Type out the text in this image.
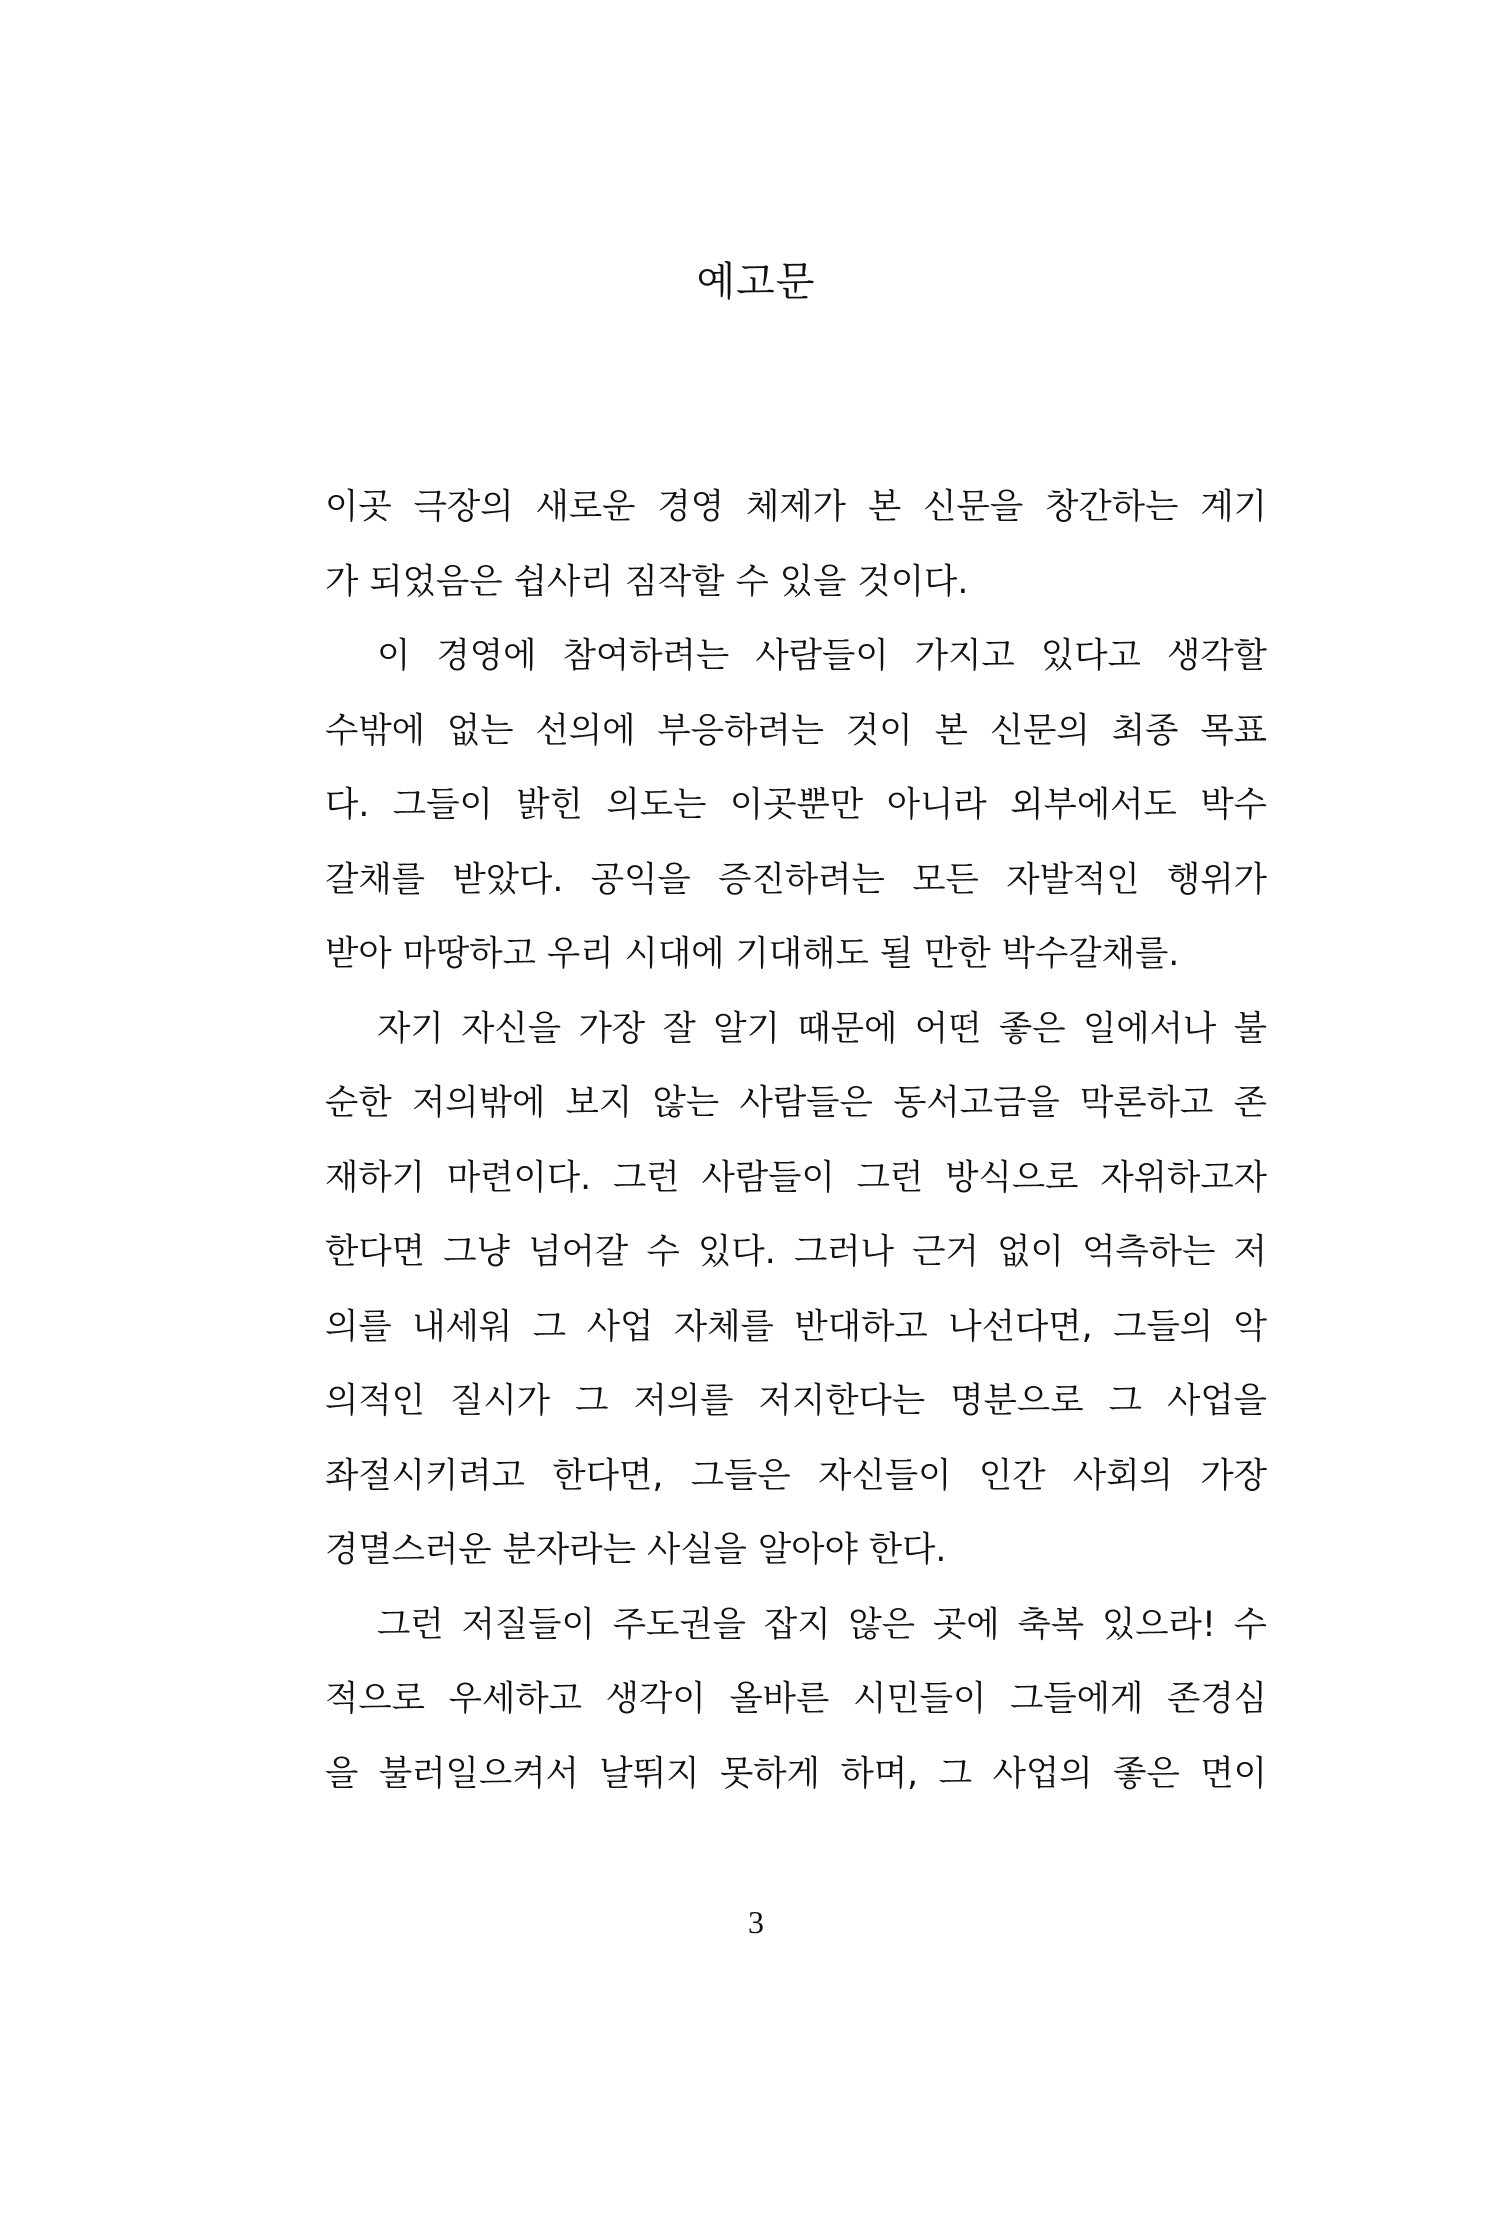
예고문
이곳 극장의 새로운 경영 체제가 본 신문을 창간하는 계기
가 되었음은 쉽사리 짐작할 수 있을 것이다.
이 경영에 참여하려는 사람들이 가지고 있다고 생각할
수밖에 없는 선의에 부응하려는 것이 본 신문의 최종 목표
다. 그들이 밝힌 의도는 이곳뿐만 아니라 외부에서도 박수
갈채를 받았다. 공익을 증진하려는 모든 자발적인 행위가
받아 마땅하고 우리 시대에 기대해도 될 만한 박수갈채를.
자기 자신을 가장 잘 알기 때문에 어떤 좋은 일에서나 불
순한 저의밖에 보지 않는 사람들은 동서고금을 막론하고 존
재하기 마련이다. 그런 사람들이 그런 방식으로 자위하고자
한다면 그냥 넘어갈 수 있다. 그러나 근거 없이 억측하는 저
의를 내세워 그 사업 자체를 반대하고 나선다면, 그들의 악
의적인 질시가 그 저의를 저지한다는 명분으로 그 사업을
좌절시키려고 한다면, 그들은 자신들이 인간 사회의 가장
경멸스러운 분자라는 사실을 알아야 한다.
그런 저질들이 주도권을 잡지 않은 곳에 축복 있으라! 수
적으로 우세하고 생각이 올바른 시민들이 그들에게 존경심
을 불러일으켜서 날뛰지 못하게 하며, 그 사업의 좋은 면이
3
